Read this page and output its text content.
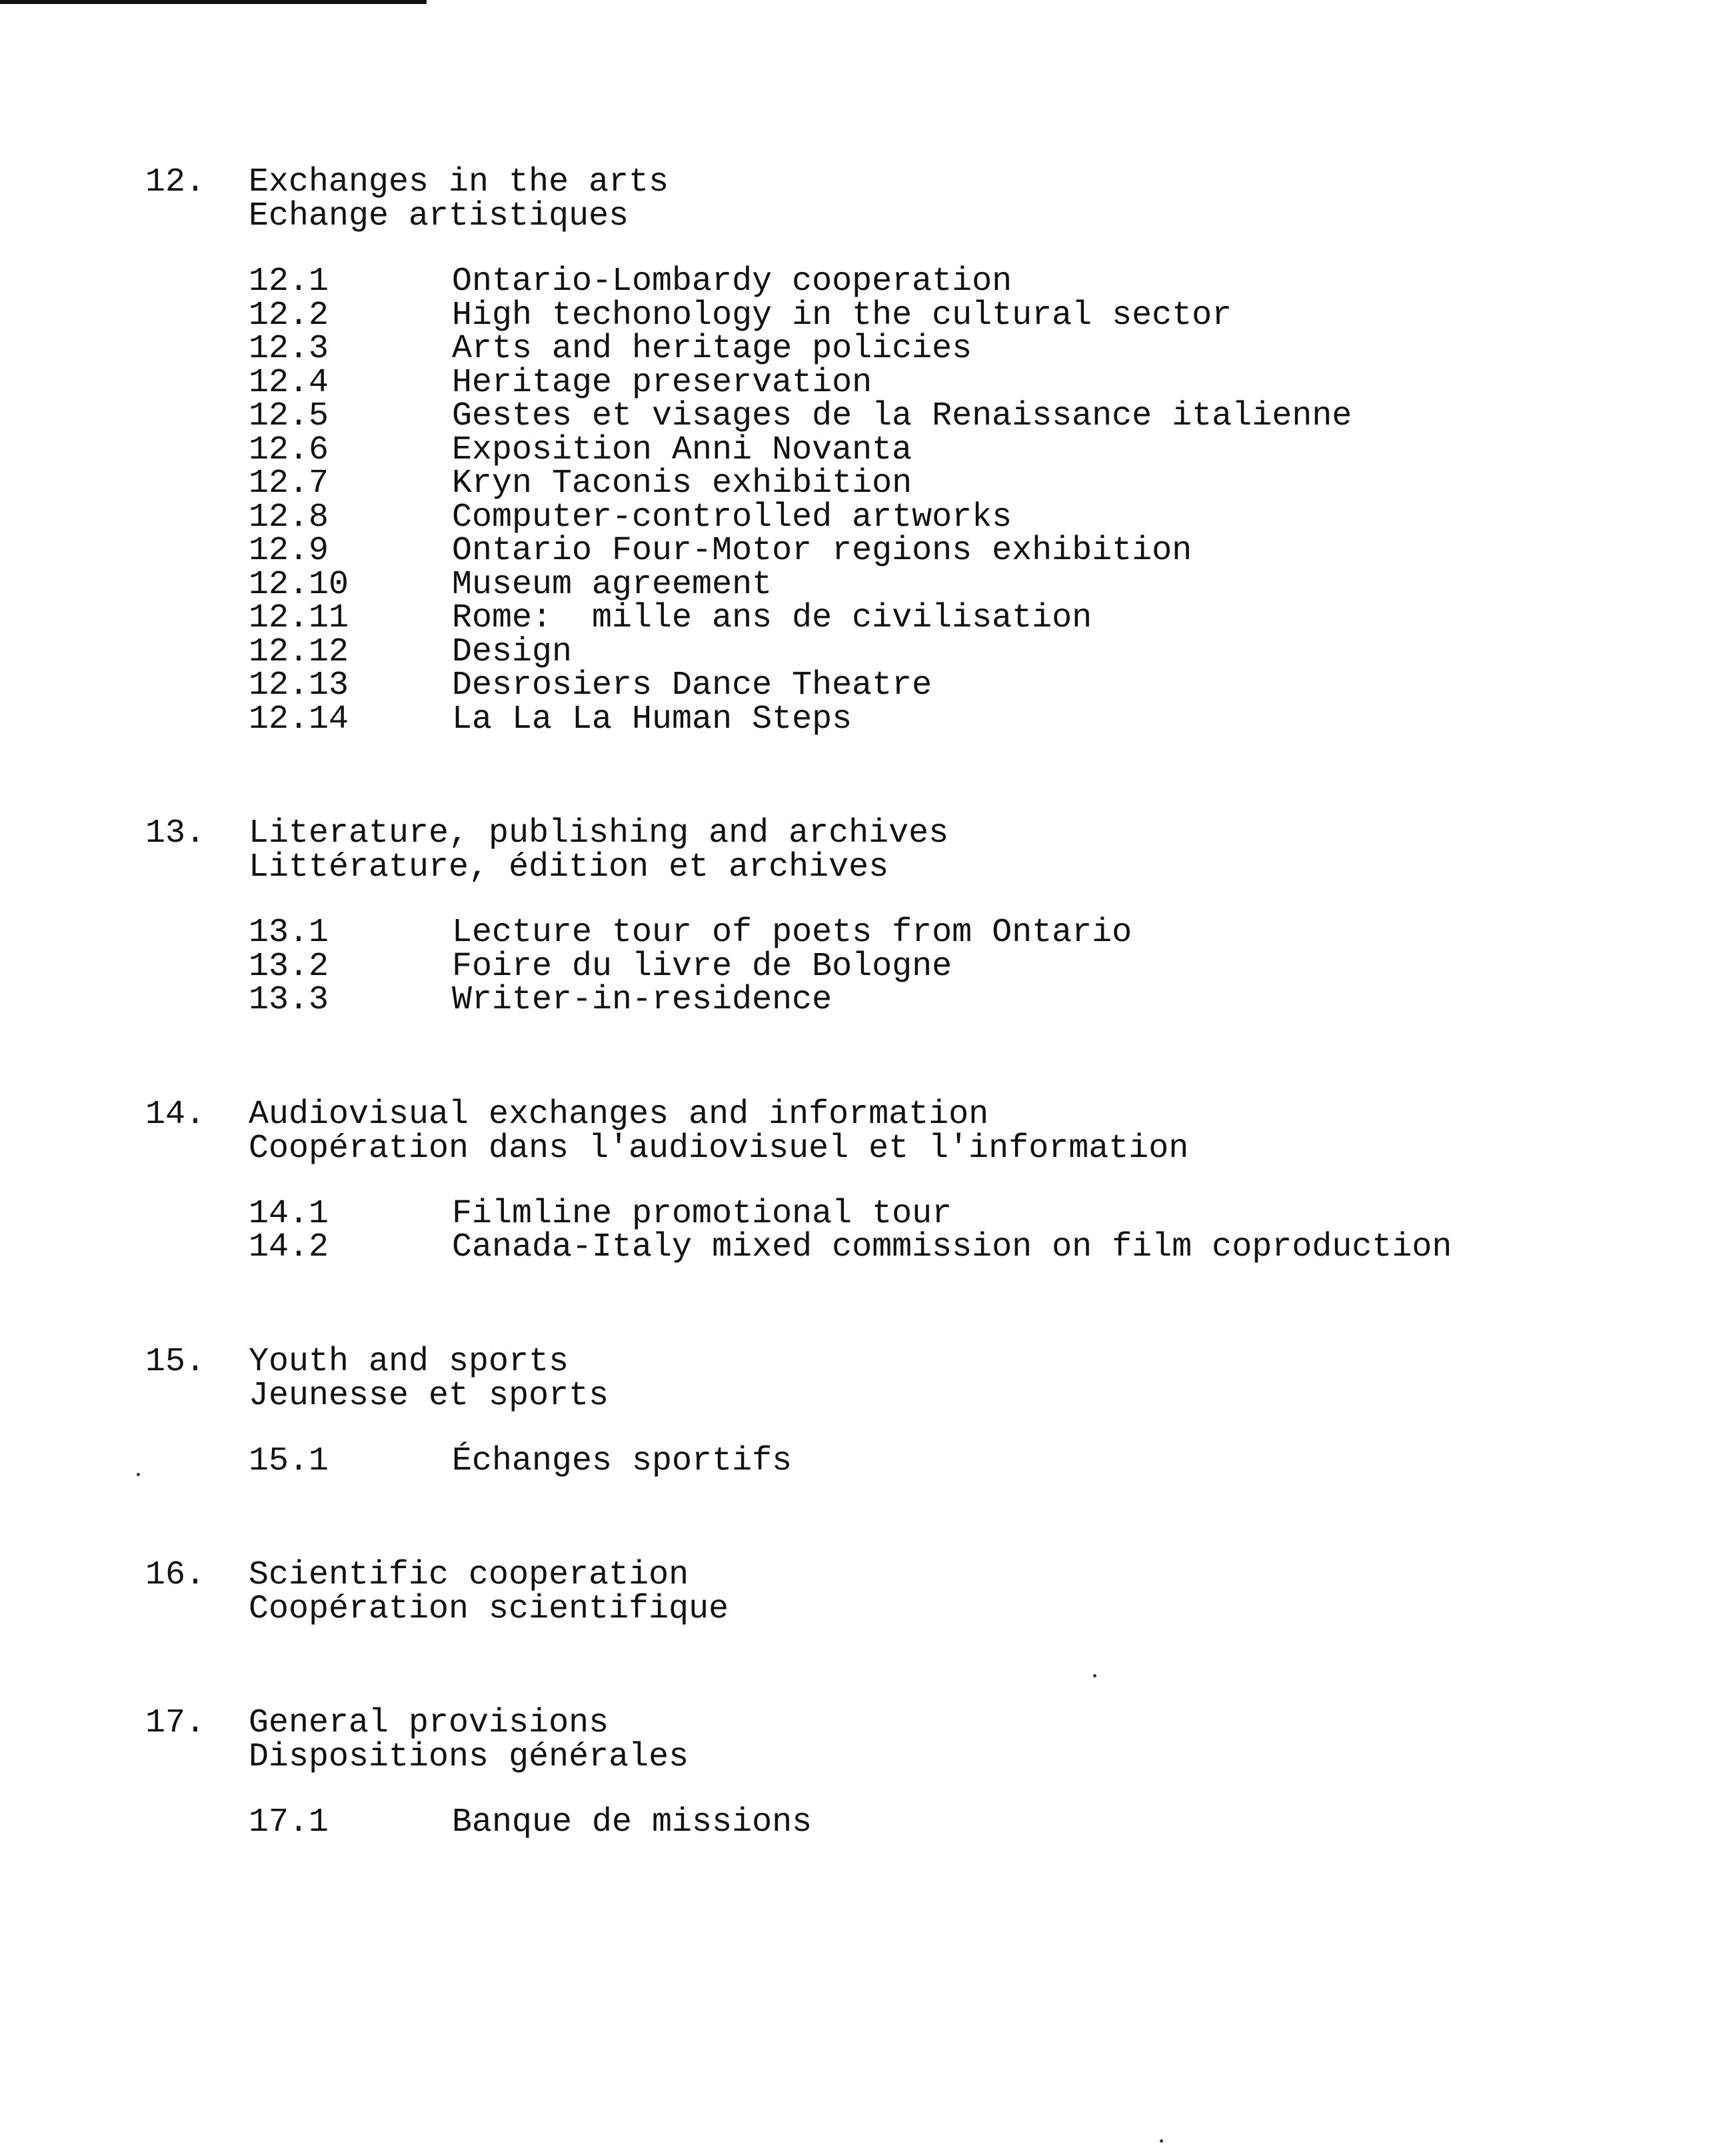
12.	Exchanges in the arts
Echange artistiques
12.1	Ontario-Lombardy cooperation
12.2	High techonology in the cultural sector
12.3	Arts and heritage policies
12.4	Heritage preservation
12.5	Gestes et visages de la Renaissance italienne
12.6	Exposition Anni Novanta
12.7	Kryn Taconis exhibition
12.8	Computer-controlled artworks
12.9	Ontario Four-Motor regions exhibition
12.10	Museum agreement
12.11	Rome:  mille ans de civilisation
12.12	Design
12.13	Desrosiers Dance Theatre
12.14	La La La Human Steps
13.	Literature, publishing and archives
Littérature, édition et archives
13.1	Lecture tour of poets from Ontario
13.2	Foire du livre de Bologne
13.3	Writer-in-residence
14.	Audiovisual exchanges and information
Coopération dans l'audiovisuel et l'information
14.1	Filmline promotional tour
14.2	Canada-Italy mixed commission on film coproduction
15.	Youth and sports
Jeunesse et sports
15.1	Échanges sportifs
16.	Scientific cooperation
Coopération scientifique
17.	General provisions
Dispositions générales
17.1	Banque de missions
